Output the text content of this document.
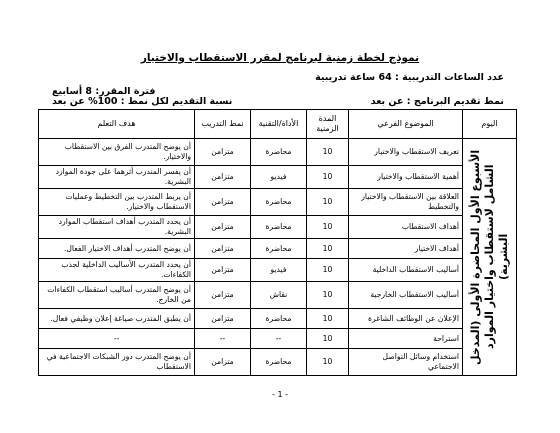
نموذج لخطة زمنية لبرنامج لمقرر الاستقطاب والاختيار
عدد الساعات التدريبية : 64 ساعة تدريبية
فترة المقرر: 8 أسابيع
نمط تقديم البرنامج : عن بعد
نسبة التقديم لكل نمط : 100% عن بعد
اليوم	الموضوع الفرعي	المدة الزمنية	الأداة/التقنية	نمط التدريب	هدف التعلم

الأسبوع الأول المحاضرة الأولى (المدخل الشامل لاستقطاب واختيار الموارد البشرية)	تعريف الاستقطاب والاختيار	10	محاضرة	متزامن	أن يوضح المتدرب الفرق بين الاستقطاب والاختيار.
	أهمية الاستقطاب والاختيار	10	فيديو	متزامن	أن يفسر المتدرب أثرهما على جودة الموارد البشرية.
	العلاقة بين الاستقطاب والاختيار والتخطيط	10	محاضرة	متزامن	أن يربط المتدرب بين التخطيط وعمليات الاستقطاب والاختيار.
	أهداف الاستقطاب	10	محاضرة	متزامن	أن يحدد المتدرب أهداف استقطاب الموارد البشرية.
	أهداف الاختيار	10	محاضرة	متزامن	أن يوضح المتدرب أهداف الاختيار الفعال.
	أساليب الاستقطاب الداخلية	10	فيديو	متزامن	أن يحدد المتدرب الأساليب الداخلية لجذب الكفاءات.
	أساليب الاستقطاب الخارجية	10	نقاش	متزامن	أن يوضح المتدرب أساليب استقطاب الكفاءات من الخارج.
	الإعلان عن الوظائف الشاغرة	10	محاضرة	متزامن	أن يطبق المتدرب صياغة إعلان وظيفي فعال.
	استراحة	10	--	--	--
	استخدام وسائل التواصل الاجتماعي	10	محاضرة	متزامن	أن يوضح المتدرب دور الشبكات الاجتماعية في الاستقطاب
- 1 -
